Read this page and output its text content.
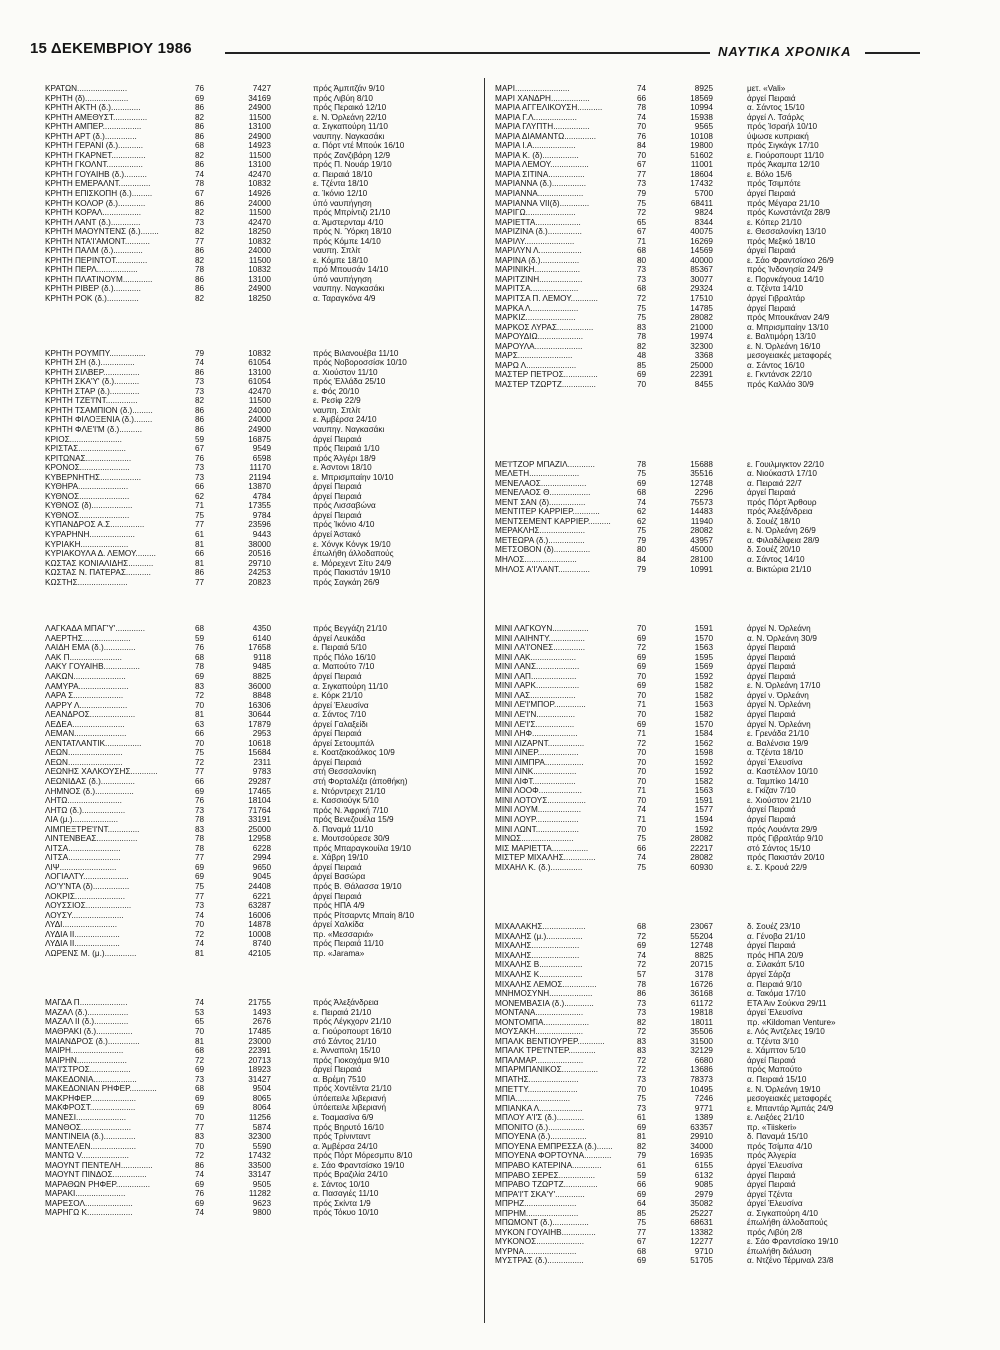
15 ΔΕΚΕΜΒΡΙΟΥ 1986	ΝΑΥΤΙΚΑ ΧΡΟΝΙΚΑ
ΚΡΑΤΩΝ......................	76	7427	πρός Άμπιτζάν 9/10
ΚΡΗΤΗ (δ)...................	69	34169	πρός Λιβύη 8/10
ΚΡΗΤΗ ΑΚΤΗ (δ.).............	86	24900	πρός Περαικό 12/10
ΚΡΗΤΗ ΑΜΕΘΥΣΤ...............	82	11500	ε. Ν. Όρλεάνη 22/10
ΚΡΗΤΗ ΑΜΠΕΡ.................	86	13100	α. Σιγκαπούρη 11/10
ΚΡΗΤΗ ΑΡΤ (δ.)..............	86	24900	ναυπηγ. Ναγκασάκι
ΚΡΗΤΗ ΓΕΡΑΝΙ (δ.)...........	68	14923	α. Πόρτ ντέ Μπούκ 16/10
ΚΡΗΤΗ ΓΚΑΡΝΕΤ...............	82	11500	πρός Ζανζιβάρη 12/9
ΚΡΗΤΗ ΓΚΟΛΝΤ................	86	13100	πρός Π. Νουάρ 19/10
ΚΡΗΤΗ ΓΟΥΑΙΗΒ (δ.)..........	74	42470	α. Πειραιά 18/10
ΚΡΗΤΗ ΕΜΕΡΑΛΝΤ..............	78	10832	ε. Τζέντα 18/10
ΚΡΗΤΗ ΕΠΙΣΚΟΠΗ (δ.).........	67	14926	α. Ίκόνιο 12/10
ΚΡΗΤΗ ΚΟΛΟΡ (δ.)............	86	24000	ύπό ναυπήγηση
ΚΡΗΤΗ ΚΟΡΑΛ.................	82	11500	πρός Μπρίντιζι 21/10
ΚΡΗΤΗ ΛΑΝΤ (δ.).............	73	42470	α. Άμστερνταμ 4/10
ΚΡΗΤΗ ΜΑΟΥΝΤΕΝΣ (δ.)........	82	18250	πρός Ν. Ύόρκη 18/10
ΚΡΗΤΗ ΝΤΑ'Ι'ΑΜΟΝΤ...........	77	10832	πρός Κόμπε 14/10
ΚΡΗΤΗ ΠΑΛΜ (δ.).............	86	24000	ναυπη. Σπλίτ
ΚΡΗΤΗ ΠΕΡΙΝΤΟΤ..............	82	11500	ε. Κόμπε 18/10
ΚΡΗΤΗ ΠΕΡΛ..................	78	10832	πρό Μπουσάν 14/10
ΚΡΗΤΗ ΠΛΑΤΙΝΟΥΜ.............	86	13100	ύπό ναυπήγηση
ΚΡΗΤΗ ΡΙΒΕΡ (δ.)............	86	24900	ναυπηγ. Ναγκασάκι
ΚΡΗΤΗ ΡΟΚ (δ.)..............	82	18250	α. Ταραγκόνα 4/9
ΚΡΗΤΗ ΡΟΥΜΠΥ................	79	10832	πρός Βιλανουέβα 11/10
ΚΡΗΤΗ ΣΗ (δ.)...............	74	61054	πρός Νοβοροσσίσκ 10/10
ΚΡΗΤΗ ΣΙΛΒΕΡ................	86	13100	α. Χιούστον 11/10
ΚΡΗΤΗ ΣΚΑ'Υ' (δ.)...........	73	61054	πρός Έλλάδα 25/10
ΚΡΗΤΗ ΣΤΑΡ (δ.).............	73	42470	ε. Φός 20/10
ΚΡΗΤΗ ΤΖΕ'Ι'ΝΤ..............	82	11500	ε. Ρεσίφ 22/9
ΚΡΗΤΗ ΤΣΑΜΠΙΟΝ (δ.).........	86	24000	ναυπη. Σπλίτ
ΚΡΗΤΗ ΦΙΛΟΞΕΝΙΑ (δ.)........	86	24000	ε. Άμβέρσα 24/10
ΚΡΗΤΗ ΦΛΕ'Ι'Μ (δ.)..........	86	24900	ναυπηγ. Ναγκασάκι
ΚΡΙΟΣ.......................	59	16875	άργεί Πειραιά
ΚΡΙΣΤΑΣ.....................	67	9549	πρός Πειραιά 1/10
ΚΡΙΤΩΝΑΣ....................	76	6598	πρός Άλγέρι 18/9
ΚΡΟΝΟΣ......................	73	11170	ε. Άσντονι 18/10
ΚΥΒΕΡΝΗΤΗΣ..................	73	21194	ε. Μπρισμπαίην 10/10
ΚΥΘΗΡΑ......................	66	13870	άργεί Πειραιά
ΚΥΘΝΟΣ......................	62	4784	άργεί Πειραιά
ΚΥΘΝΟΣ (δ)..................	71	17355	πρός Λισσαβώνα
ΚΥΘΝΟΣ......................	75	9784	άργεί Πειραιά
ΚΥΠΑΝΔΡΟΣ Α.Σ...............	77	23596	πρός Ίκόνιο 4/10
ΚΥΡΑΡΗΝΗ....................	61	9443	άργεί Άστακό
ΚΥΡΙΑΚΗ.....................	81	38000	ε. Χόνγκ Κόνγκ 19/10
ΚΥΡΙΑΚΟΥΛΑ Δ. ΛΕΜΟΥ.........	66	20516	έπωλήθη άλλοδαπούς
ΚΩΣΤΑΣ ΚΟΝΙΑΛΙΔΗΣ...........	81	29710	ε. Μόρεχεντ Σίτυ 24/9
ΚΩΣΤΑΣ Ν. ΠΑΤΕΡΑΣ...........	86	24253	πρός Πακιστάν 19/10
ΚΩΣΤΗΣ......................	77	20823	πρός Σαγκάη 26/9
ΛΑΓΚΑΔΑ ΜΠΑΓ'Υ'.............	68	4350	πρός Βεγγάζη 21/10
ΛΑΕΡΤΗΣ.....................	59	6140	άργεί Λευκάδα
ΛΑΙΔΗ ΕΜΑ (δ.)..............	76	17658	ε. Πειραιά 5/10
ΛΑΚ Π.......................	68	9118	πρός Πόλο 16/10
ΛΑΚΥ ΓΟΥΑΙΗΒ................	78	9485	α. Μαπούτο 7/10
ΛΑΚΩΝ.......................	69	8825	άργεί Πειραιά
ΛΑΜΥΡΑ......................	83	36000	α. Σιγκαπούρη 11/10
ΛΑΡΑ Σ......................	72	8848	ε. Κόρκ 21/10
ΛΑΡΡΥ Λ.....................	70	16306	άργεί Έλευσίνα
ΛΕΑΝΔΡΟΣ....................	81	30644	α. Σάντος 7/10
ΛΕΔΕΑ.......................	63	17879	άργεί Γαλαξείδι
ΛΕΜΑΝ.......................	66	2953	άργεί Πειραιά
ΛΕΝΤΑΤΛΑΝΤΙΚ................	70	10618	άργεί Σετουμπάλ
ΛΕΩΝ........................	75	15684	ε. Κοατζακοάλκος 10/9
ΛΕΩΝ........................	72	2311	άργεί Πειραιά
ΛΕΩΝΗΣ ΧΑΛΚΟΥΣΗΣ............	77	9783	στή Θεσσαλονίκη
ΛΕΩΝΙΔΑΣ (δ.)...............	66	29287	στή Φορταλέζα (άποθήκη)
ΛΗΜΝΟΣ (δ.).................	69	17465	ε. Ντόρντρεχτ 21/10
ΛΗΤΩ........................	76	18104	ε. Κασσιούγκ 5/10
ΛΗΤΩ (δ.)...................	73	71764	πρός Ν. Άφρική 7/10
ΛΙΑ (μ.)....................	78	33191	πρός Βενεζουέλα 15/9
ΛΙΜΠΕΞΤΡΕ'Ι'ΝΤ..............	83	25000	δ. Παναμά 11/10
ΛΙΝΤΕΝΒΕΑΣ..................	78	12958	ε. Μουτσούρεσε 30/9
ΛΙΤΣΑ.......................	78	6228	πρός Μπαραγκουίλα 19/10
ΛΙΤΣΑ.......................	77	2994	ε. Χάβρη 19/10
ΛΙΨ.........................	69	9650	άργεί Πειραιά
ΛΟΓΙΑΛΤΥ....................	69	9045	άργεί Βασώρα
ΛΟ'Υ'ΝΤΑ (δ)................	75	24408	πρός Β. Θάλασσα 19/10
ΛΟΚΡΙΣ......................	77	6221	άργεί Πειραιά
ΛΟΥΣΣΙΟΣ....................	73	63287	πρός ΗΠΑ 4/9
ΛΟΥΣΥ.......................	74	16006	πρός Ρίτσαρντς Μπαίη 8/10
ΛΥΔΙ........................	70	14878	άργεί Χαλκίδα
ΛΥΔΙΑ ΙΙ....................	72	10008	πρ. «Μεσσαριά»
ΛΥΔΙΑ ΙΙ....................	74	8740	πρός Πειραιά 11/10
ΛΩΡΕΝΣ Μ. (μ.)..............	81	42105	πρ. «Jarama»
ΜΑΓΔΑ Π.....................	74	21755	πρός Άλεξάνδρεια
ΜΑΖΑΛ (δ.)..................	53	1493	ε. Πειραιά 21/10
ΜΑΖΑΛ ΙΙ (δ.)...............	65	2676	πρός Λέγκχορν 21/10
ΜΑΘΡΑΚΙ (δ.)................	70	17485	α. Γιούροπουρτ 16/10
ΜΑΙΑΝΔΡΟΣ (δ.)..............	81	23000	στό Σάντος 21/10
ΜΑΙΡΗ.......................	68	22391	ε. Άνναπολη 15/10
ΜΑΙΡΗΝ......................	72	20713	πρός Γιοκοχάμα 9/10
ΜΑ'Ι'ΣΤΡΟΣ..................	69	18923	άργεί Πειραιά
ΜΑΚΕΔΟΝΙΑ...................	73	31427	α. Βρέμη 7510
ΜΑΚΕΔΟΝΙΑΝ ΡΗΦΕΡ............	68	9504	πρός Χοντέϊντα 21/10
ΜΑΚΡΗΦΕΡ....................	69	8065	ύπόειτειλε λιβεριανή
ΜΑΚΦΡΟΣΤ....................	69	8064	ύπόειτειλε λιβεριανή
ΜΑΝΕΣΙ......................	70	11256	ε. Τοαμασίνα 6/9
ΜΑΝΘΟΣ......................	77	5874	πρός Βηρυτό 16/10
ΜΑΝΤΙΝΕΙΑ (δ.)..............	83	32300	πρός Τρίνινταντ
ΜΑΝΤΕΛΕΝ....................	70	5590	α. Άμβέρσα 24/10
ΜΑΝΤΩ V.....................	72	17432	πρός Πόρτ Μόρεσμπυ 8/10
ΜΑΟΥΝΤ ΠΕΝΤΕΛΗ..............	86	33500	ε. Σάο Φραντσίσκο 19/10
ΜΑΟΥΝΤ ΠΙΝΔΟΣ...............	74	33147	πρός Βραζιλία 24/10
ΜΑΡΑΘΩΝ ΡΗΦΕΡ...............	69	9505	ε. Σάντος 10/10
ΜΑΡΑΚΙ......................	76	11282	α. Πασαγιές 11/10
ΜΑΡΕΣΟΛ.....................	69	9623	πρός Σκίντα 1/9
ΜΑΡΗΓΩ Κ....................	74	9800	πρός Τόκυο 10/10
ΜΑΡΙ........................	74	8925	μετ. «Vali»
ΜΑΡΙ ΧΑΝΔΡΗ.................	66	18569	άργεί Πειραιά
ΜΑΡΙΑ ΑΓΓΕΛΙΚΟΥΣΗ...........	78	10994	α. Σάντος 15/10
ΜΑΡΙΑ Γ.Λ...................	74	15938	άργεί Λ. Τσάρλς
ΜΑΡΙΑ ΓΛΥΠΤΗ................	70	9565	πρός Ίσραήλ 10/10
ΜΑΡΙΑ ΔΙΑΜΑΝΤΩ..............	76	10108	ύψωσε κυπριακή
ΜΑΡΙΑ Ι.Α...................	84	19800	πρός Σιγκάγκ 17/10
ΜΑΡΙΑ Κ. (δ)................	70	51602	ε. Γιούροπουρτ 11/10
ΜΑΡΙΑ ΛΕΜΟΥ.................	67	11001	πρός Άκαμπα 12/10
ΜΑΡΙΑ ΣΙΤΙΝΑ................	77	18604	ε. Βόλο 15/6
ΜΑΡΙΑΝΝΑ (δ.)...............	73	17432	πρός Τσιμπότε
ΜΑΡΙΑΝΝΑ....................	79	5700	άργεί Πειραιά
ΜΑΡΙΑΝΝΑ VII(δ).............	75	68411	πρός Μέγαρα 21/10
ΜΑΡΙΓΩ......................	72	9824	πρός Κωνστάντζα 28/9
ΜΑΡΙΕΤΤΑ....................	65	8344	ε. Κόπερ 21/10
ΜΑΡΙΖΙΝΑ (δ.)...............	67	40075	ε. Θεσσαλονίκη 13/10
ΜΑΡΙΛΥ......................	71	16269	πρός Μεξικό 18/10
ΜΑΡΙΛΥΝ Λ...................	68	14569	άργεί Πειραιά
ΜΑΡΙΝΑ (δ.).................	80	40000	ε. Σάο Φραντσίσκο 26/9
ΜΑΡΙΝΙΚΗ....................	73	85367	πρός Ίνδονησία 24/9
ΜΑΡΙΤΖΙΝΗ...................	73	30077	ε. Πορνκάγουα 14/10
ΜΑΡΙΤΣΑ.....................	68	29324	α. Τζέντα 14/10
ΜΑΡΙΤΣΑ Π. ΛΕΜΟΥ............	72	17510	άργεί Γιβραλτάρ
ΜΑΡΚΑ Λ.....................	75	14785	άργεί Πειραιά
ΜΑΡΚΙΖ......................	75	28082	πρός Μπουκάναν 24/9
ΜΑΡΚΟΣ ΛΥΡΑΣ................	83	21000	α. Μπρισμπαίην 13/10
ΜΑΡΟΥΔΙΩ....................	78	19974	ε. Βαλτιμόρη 13/10
ΜΑΡΟΥΛΑ.....................	82	32300	ε. Ν. Όρλεάνη 16/10
ΜΑΡΣ........................	48	3368	μεσογειακές μεταφορές
ΜΑΡΩ Λ......................	85	25000	α. Σάντος 16/10
ΜΑΣΤΕΡ ΠΕΤΡΟΣ...............	69	22391	ε. Γκντάνσκ 22/10
ΜΑΣΤΕΡ ΤΖΩΡΤΖ...............	70	8455	πρός Καλλάο 30/9
ΜΕ'Ι'ΤΖΟΡ ΜΠΑΖΙΛ............	78	15688	ε. Γουιλμιγκτον 22/10
ΜΕΛΕΤΗ......................	75	35516	α. Νιούκαστλ 17/10
ΜΕΝΕΛΑΟΣ....................	69	12748	α. Πειραιά 22/7
ΜΕΝΕΛΑΟΣ Θ..................	68	2296	άργεί Πειραιά
ΜΕΝΤ ΣΑΝ (δ)................	74	75573	πρός Πόρτ Άρθουρ
ΜΕΝΤΙΤΕΡ ΚΑΡΡΙΕΡ............	62	14483	πρός Άλεξάνδρεια
ΜΕΝΤΣΕΜΕΝΤ ΚΑΡΡΙΕΡ..........	62	11940	δ. Σουέζ 18/10
ΜΕΡΑΚΛΗΣ....................	75	28082	ε. Ν. Όρλεάνη 26/9
ΜΕΤΕΩΡΑ (δ.)................	79	43957	α. Φιλαδέλφεια 28/9
ΜΕΤΣΟΒΟΝ (δ)................	80	45000	δ. Σουέζ 20/10
ΜΗΛΟΣ.......................	84	28100	α. Σάντος 14/10
ΜΗΛΟΣ Α'Ι'ΛΑΝΤ..............	79	10991	α. Βικτώρια 21/10
ΜΙΝΙ ΛΑΓΚΟΥΝ................	70	1591	άργεί Ν. Όρλεάνη
ΜΙΝΙ ΛΑΙΗΝΤΥ................	69	1570	α. Ν. Όρλεάνη 30/9
ΜΙΝΙ ΛΑ'Ι'ΟΝΕΣ..............	72	1563	άργεί Πειραιά
ΜΙΝΙ ΛΑΚ....................	69	1595	άργεί Πειραιά
ΜΙΝΙ ΛΑΝΣ...................	69	1569	άργεί Πειραιά
ΜΙΝΙ ΛΑΠ....................	70	1592	άργεί Πειραιά
ΜΙΝΙ ΛΑΡΚ...................	69	1582	ε. Ν. Όρλεάνη 17/10
ΜΙΝΙ ΛΑΣ....................	70	1582	άργεί ν. Όρλεάνη
ΜΙΝΙ ΛΕ'Ι'ΜΠΟΡ..............	71	1563	άργεί Ν. Όρλεάνη
ΜΙΝΙ ΛΕ'Ι'Ν.................	70	1582	άργεί Πειραιά
ΜΙΝΙ ΛΕ'Ι'Σ.................	69	1570	άργεί Ν. Όρλεάνη
ΜΙΝΙ ΛΗΦ....................	71	1584	ε. Γρενάδα 21/10
ΜΙΝΙ ΛΙΖΑΡΝΤ................	72	1562	α. Βαλένσια 19/9
ΜΙΝΙ ΛΙΝΕΡ..................	70	1598	α. Τζέντα 18/10
ΜΙΝΙ ΛΙΜΠΡΑ.................	70	1592	άργεί Έλευσίνα
ΜΙΝΙ ΛΙΝΚ...................	70	1592	α. Καστέλλον 10/10
ΜΙΝΙ ΛΙΦΤ...................	70	1582	α. Ταμπίκο 14/10
ΜΙΝΙ ΛΟΟΦ...................	71	1563	ε. Γκίζαν 7/10
ΜΙΝΙ ΛΟΤΟΥΣ.................	70	1591	ε. Χιούστον 21/10
ΜΙΝΙ ΛΟΥΜ...................	74	1577	άργεί Πειραιά
ΜΙΝΙ ΛΟΥΡ...................	71	1594	άργεί Πειραιά
ΜΙΝΙ ΛΩΝΤ...................	70	1592	πρός Λουάντα 29/9
ΜΙΝΩΣ.......................	75	28082	πρός Γιβραλτάρ 9/10
ΜΙΣ ΜΑΡΙΕΤΤΑ................	66	22217	στό Σάντος 15/10
ΜΙΣΤΕΡ ΜΙΧΑΛΗΣ..............	74	28082	πρός Πακιστάν 20/10
ΜΙΧΑΗΛ Κ. (δ.)..............	75	60930	ε. Σ. Κρουά 22/9
ΜΙΧΑΛΑΚΗΣ...................	68	23067	δ. Σουέζ 23/10
ΜΙΧΑΛΗΣ (μ.)................	72	55204	α. Γένοβα 21/10
ΜΙΧΑΛΗΣ.....................	69	12748	άργεί Πειραιά
ΜΙΧΑΛΗΣ.....................	74	8825	πρός ΗΠΑ 20/9
ΜΙΧΑΛΗΣ Β...................	72	20715	α. Σιλακάπ 5/10
ΜΙΧΑΛΗΣ Κ...................	57	3178	άργεί Σάρζα
ΜΙΧΑΛΗΣ ΛΕΜΟΣ...............	78	16726	α. Πειραιά 9/10
ΜΝΗΜΟΣΥΝΗ...................	86	36168	α. Τακόμα 17/10
ΜΟΝΕΜΒΑΣΙΑ (δ.).............	73	61172	ΕΤΑ Άιν Σούκνα 29/11
ΜΟΝΤΑΝΑ.....................	73	19818	άργεί Έλευσίνα
ΜΟΝΤΟΜΠΑ....................	82	18011	πρ. «Kildoman Venture»
ΜΟΥΣΑΚΗ.....................	72	35506	ε. Λός Άντζελες 19/10
ΜΠΑΛΚ ΒΕΝΤΙΟΥΡΕΡ............	83	31500	α. Τζέντα 3/10
ΜΠΑΛΚ ΤΡΕ'Ι'ΝΤΕΡ............	83	32129	ε. Χάμπτον 5/10
ΜΠΑΛΜΑΡ.....................	72	6680	άργεί Πειραιά
ΜΠΑΡΜΠΑΝΙΚΟΣ................	72	13686	πρός Μαπούτο
ΜΠΑΤΗΣ......................	73	78373	α. Πειραιά 15/10
ΜΠΕΤΤΥ......................	70	10495	ε. Ν. Όρλεάνη 19/10
ΜΠΙΑ........................	75	7246	μεσογειακές μεταφορές
ΜΠΙΑΝΚΑ Λ...................	73	9771	ε. Μπαντάρ Άμπάς 24/9
ΜΠΛΟΥ Α'Ι'Σ (δ.)............	61	1389	ε. Λειξόες 21/10
ΜΠΟΝΙΤΟ (δ.)................	69	63357	πρ. «Tiiskeri»
ΜΠΟΥΕΝΑ (δ.)................	81	29910	δ. Παναμά 15/10
ΜΠΟΥΕΝΑ ΕΜΠΡΕΣΣΑ (δ.).......	82	34000	πρός Τσίμπα 4/10
ΜΠΟΥΕΝΑ ΦΟΡΤΟΥΝΑ............	79	16935	πρός Άλγερία
ΜΠΡΑΒΟ ΚΑΤΕΡΙΝΑ.............	61	6155	άργεί Έλευσίνα
ΜΠΡΑΒΟ ΣΕΡΕΣ................	59	6132	άργεί Πειραιά
ΜΠΡΑΒΟ ΤΖΩΡΤΖ...............	66	9085	άργεί Πειραιά
ΜΠΡΑ'Ι'Τ ΣΚΑ'Υ'.............	69	2979	άργεί Τζέντα
ΜΠΡΗΖ.......................	64	35082	άργεί Έλευσίνα
ΜΠΡΗΜ.......................	85	25227	α. Σιγκαπούρη 4/10
ΜΠΩΜΟΝΤ (δ.)................	75	68631	έπωλήθη άλλοδαπούς
ΜΥΚΟΝ ΓΟΥΑΙΗΒ...............	77	13382	πρός Λιβύη 2/8
ΜΥΚΟΝΟΣ.....................	67	12277	ε. Σάο Φραντσίσκο 19/10
ΜΥΡΝΑ.......................	68	9710	έπωλήθη διάλυση
ΜΥΣΤΡΑΣ (δ.)................	69	51705	α. Ντζένο Τέρμιναλ 23/8
